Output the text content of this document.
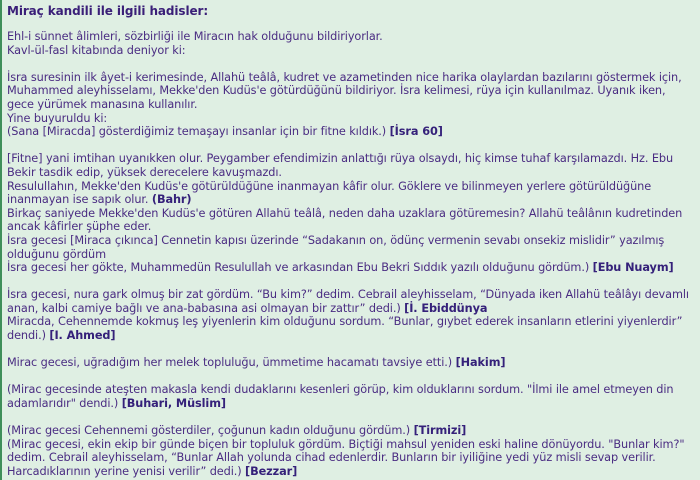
Miraç kandili ile ilgili hadisler:
Ehl-i sünnet âlimleri, sözbirliği ile Miracın hak olduğunu bildiriyorlar.
Kavl-ül-fasl kitabında deniyor ki:
İsra suresinin ilk âyet-i kerimesinde, Allahü teâlâ, kudret ve azametinden nice harika olaylardan bazılarını göstermek için,
Muhammed aleyhisselamı, Mekke'den Kudüs'e götürdüğünü bildiriyor. İsra kelimesi, rüya için kullanılmaz. Uyanık iken,
gece yürümek manasına kullanılır.
Yine buyuruldu ki:
(Sana [Miracda] gösterdiğimiz temaşayı insanlar için bir fitne kıldık.) [İsra 60]
[Fitne] yani imtihan uyanıkken olur. Peygamber efendimizin anlattığı rüya olsaydı, hiç kimse tuhaf karşılamazdı. Hz. Ebu
Bekir tasdik edip, yüksek derecelere kavuşmazdı.
Resulullahın, Mekke'den Kudüs'e götürüldüğüne inanmayan kâfir olur. Göklere ve bilinmeyen yerlere götürüldüğüne
inanmayan ise sapık olur. (Bahr)
Birkaç saniyede Mekke'den Kudüs'e götüren Allahü teâlâ, neden daha uzaklara götüremesin? Allahü teâlânın kudretinden
ancak kâfirler şüphe eder.
İsra gecesi [Miraca çıkınca] Cennetin kapısı üzerinde “Sadakanın on, ödünç vermenin sevabı onsekiz mislidir” yazılmış
olduğunu gördüm
İsra gecesi her gökte, Muhammedün Resulullah ve arkasından Ebu Bekri Sıddık yazılı olduğunu gördüm.) [Ebu Nuaym]
İsra gecesi, nura gark olmuş bir zat gördüm. “Bu kim?” dedim. Cebrail aleyhisselam, “Dünyada iken Allahü teâlâyı devamlı
anan, kalbi camiye bağlı ve ana-babasına asi olmayan bir zattır” dedi.) [İ. Ebiddünya
Miracda, Cehennemde kokmuş leş yiyenlerin kim olduğunu sordum. “Bunlar, gıybet ederek insanların etlerini yiyenlerdir”
dendi.) [I. Ahmed]
Mirac gecesi, uğradığım her melek topluluğu, ümmetime hacamatı tavsiye etti.) [Hakim]
(Mirac gecesinde ateşten makasla kendi dudaklarını kesenleri görüp, kim olduklarını sordum. "İlmi ile amel etmeyen din
adamlarıdır" dendi.) [Buhari, Müslim]
(Mirac gecesi Cehennemi gösterdiler, çoğunun kadın olduğunu gördüm.) [Tirmizi]
(Mirac gecesi, ekin ekip bir günde biçen bir topluluk gördüm. Biçtiği mahsul yeniden eski haline dönüyordu. "Bunlar kim?"
dedim. Cebrail aleyhisselam, “Bunlar Allah yolunda cihad edenlerdir. Bunların bir iyiliğine yedi yüz misli sevap verilir.
Harcadıklarının yerine yenisi verilir” dedi.) [Bezzar]
